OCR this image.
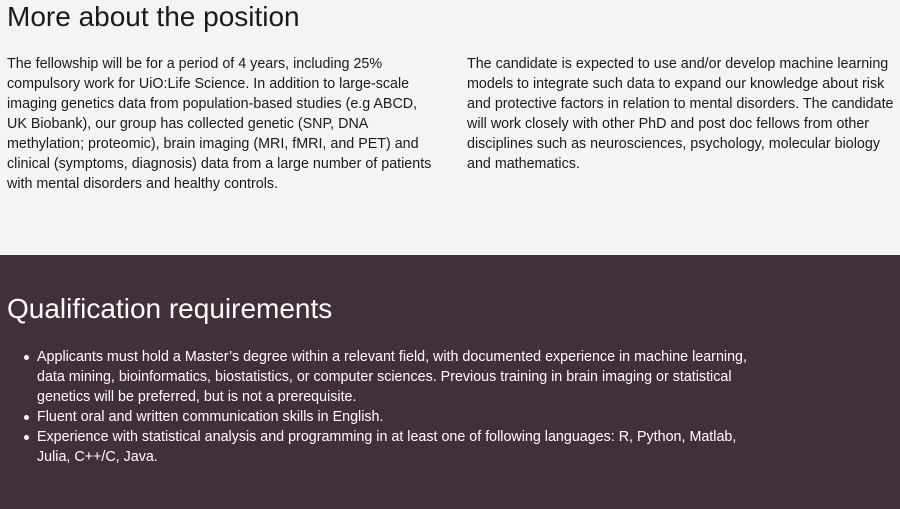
More about the position

The fellowship will be for a period of 4 years, including 25% compulsory work for UiO:Life Science. In addition to large-scale imaging genetics data from population-based studies (e.g ABCD, UK Biobank), our group has collected genetic (SNP, DNA methylation; proteomic), brain imaging (MRI, fMRI, and PET) and clinical (symptoms, diagnosis) data from a large number of patients with mental disorders and healthy controls.

The candidate is expected to use and/or develop machine learning models to integrate such data to expand our knowledge about risk and protective factors in relation to mental disorders. The candidate will work closely with other PhD and post doc fellows from other disciplines such as neurosciences, psychology, molecular biology and mathematics.

Qualification requirements
Applicants must hold a Master’s degree within a relevant field, with documented experience in machine learning, data mining, bioinformatics, biostatistics, or computer sciences. Previous training in brain imaging or statistical genetics will be preferred, but is not a prerequisite.
Fluent oral and written communication skills in English.
Experience with statistical analysis and programming in at least one of following languages: R, Python, Matlab, Julia, C++/C, Java.
